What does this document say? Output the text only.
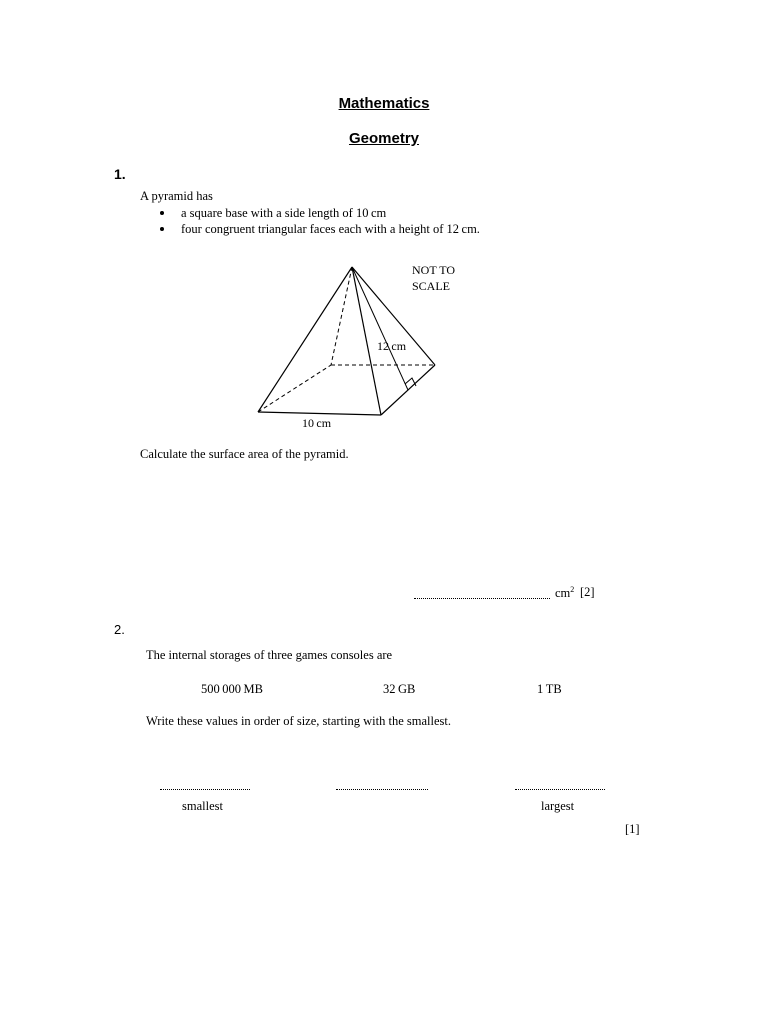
Mathematics
Geometry
1.
A pyramid has
a square base with a side length of 10 cm
four congruent triangular faces each with a height of 12 cm.
NOT TO
SCALE
12 cm
10 cm
Calculate the surface area of the pyramid.
$cm^2$ [2]
2.
The internal storages of three games consoles are
500 000 MB	32 GB	1 TB
Write these values in order of size, starting with the smallest.
smallest	largest
[1]
